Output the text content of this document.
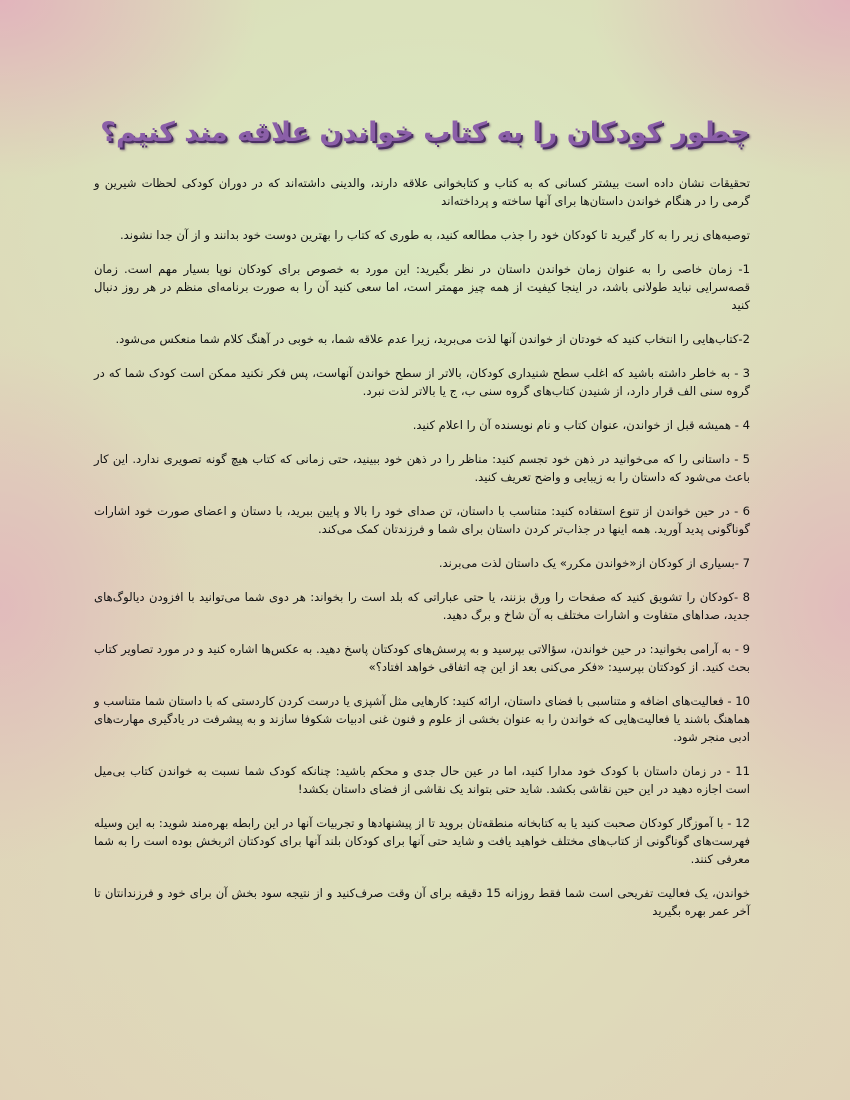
چطور کودکان را به کتاب خواندن علاقه مند کنیم؟

تحقیقات نشان داده است بیشتر کسانی که به کتاب و کتابخوانی علاقه دارند، والدینی داشته‌اند که در دوران کودکی لحظات شیرین و گرمی را در هنگام خواندن داستان‌ها برای آنها ساخته و پرداخته‌اند

توصیه‌های زیر را به کار گیرید تا کودکان خود را جذب مطالعه کنید، به طوری که کتاب را بهترین دوست خود بدانند و از آن جدا نشوند.

1- زمان خاصی را به عنوان زمان خواندن داستان در نظر بگیرید: این مورد به خصوص برای کودکان نوپا بسیار مهم است. زمان قصه‌سرایی نباید طولانی باشد، در اینجا کیفیت از همه چیز مهمتر است، اما سعی کنید آن را به صورت برنامه‌ای منظم در هر روز دنبال کنید

2-کتاب‌هایی را انتخاب کنید که خودتان از خواندن آنها لذت می‌برید، زیرا عدم علاقه شما، به خوبی در آهنگ کلام شما منعکس می‌شود.

3 - به خاطر داشته باشید که اغلب سطح شنیداری کودکان، بالاتر از سطح خواندن آنهاست، پس فکر نکنید ممکن است کودک شما که در گروه سنی الف قرار دارد، از شنیدن کتاب‌های گروه سنی ب، ج یا بالاتر لذت نبرد.

4 - همیشه قبل از خواندن، عنوان کتاب و نام نویسنده آن را اعلام کنید.

5 - داستانی را که می‌خوانید در ذهن خود تجسم کنید: مناظر را در ذهن خود ببینید، حتی زمانی که کتاب هیچ گونه تصویری ندارد. این کار باعث می‌شود که داستان را به زیبایی و واضح تعریف کنید.

6 - در حین خواندن از تنوع استفاده کنید: متناسب با داستان، تن صدای خود را بالا و پایین ببرید، با دستان و اعضای صورت خود اشارات گوناگونی پدید آورید. همه اینها در جذاب‌تر کردن داستان برای شما و فرزندتان کمک می‌کند.

7 -بسیاری از کودکان از«خواندن مکرر» یک داستان لذت می‌برند.

8 -کودکان را تشویق کنید که صفحات را ورق بزنند، یا حتی عباراتی که بلد است را بخواند: هر دوی شما می‌توانید با افزودن دیالوگ‌های جدید، صداهای متفاوت و اشارات مختلف به آن شاخ و برگ دهید.

9 - به آرامی بخوانید: در حین خواندن، سؤالاتی بپرسید و به پرسش‌های کودکتان پاسخ دهید. به عکس‌ها اشاره کنید و در مورد تصاویر کتاب بحث کنید. از کودکتان بپرسید: «فکر می‌کنی بعد از این چه اتفاقی خواهد افتاد؟»

10 - فعالیت‌های اضافه و متناسبی با فضای داستان، ارائه کنید: کارهایی مثل آشپزی یا درست کردن کاردستی که با داستان شما متناسب و هماهنگ باشند یا فعالیت‌هایی که خواندن را به عنوان بخشی از علوم و فنون غنی ادبیات شکوفا سازند و به پیشرفت در یادگیری مهارت‌های ادبی منجر شود.

11 - در زمان داستان با کودک خود مدارا کنید، اما در عین حال جدی و محکم باشید: چنانکه کودک شما نسبت به خواندن کتاب بی‌میل است اجازه دهید در این حین نقاشی بکشد. شاید حتی بتواند یک نقاشی از فضای داستان بکشد!

12 - با آموزگار کودکان صحبت کنید یا به کتابخانه منطقه‌تان بروید تا از پیشنهادها و تجربیات آنها در این رابطه بهره‌مند شوید: به این وسیله فهرست‌های گوناگونی از کتاب‌های مختلف خواهید یافت و شاید حتی آنها برای کودکان بلند آنها برای کودکتان اثربخش بوده است را به شما معرفی کنند.

خواندن، یک فعالیت تفریحی است شما فقط روزانه 15 دقیقه برای آن وقت صرف‌کنید و از نتیجه سود بخش آن برای خود و فرزندانتان تا آخر عمر بهره بگیرید
